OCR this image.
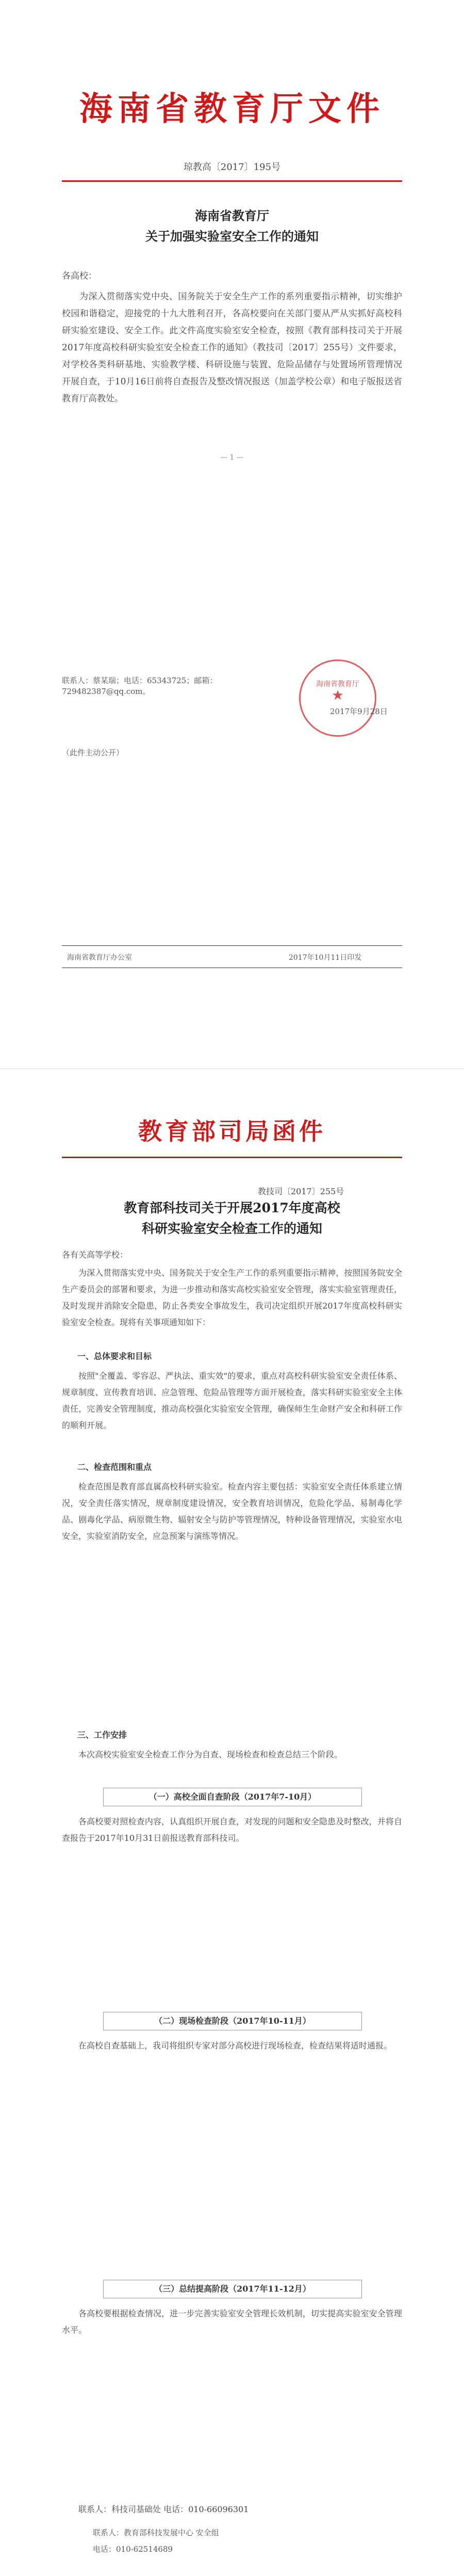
海南省教育厅文件
琼教高〔2017〕195号
海南省教育厅
关于加强实验室安全工作的通知
各高校：
为深入贯彻落实党中央、国务院关于安全生产工作的系列重要指示精神，切实维护校园和谐稳定，迎接党的十九大胜利召开，各高校要向在关部门要从严从实抓好高校科研实验室建设、安全工作。此文件高度实验室安全检查，按照《教育部科技司关于开展2017年度高校科研实验室安全检查工作的通知》（教技司〔2017〕255号）文件要求，对学校各类科研基地、实验教学楼、科研设施与装置、危险品储存与处置场所管理情况开展自查，于10月16日前将自查报告及整改情况报送（加盖学校公章）和电子版报送省教育厅高教处。
— 1 —
联系人：蔡某瑞；电话：65343725；邮箱：729482387@qq.com。
海南省教育厅
★
2017年9月28日
（此件主动公开）
海南省教育厅办公室	2017年10月11日印发
教育部司局函件
教技司〔2017〕255号
教育部科技司关于开展2017年度高校
科研实验室安全检查工作的通知
各有关高等学校：
为深入贯彻落实党中央、国务院关于安全生产工作的系列重要指示精神，按照国务院安全生产委员会的部署和要求，为进一步推动和落实高校实验室安全管理，落实实验室管理责任，及时发现并消除安全隐患，防止各类安全事故发生，我司决定组织开展2017年度高校科研实验室安全检查。现将有关事项通知如下：
一、总体要求和目标
按照"全覆盖、零容忍、严执法、重实效"的要求，重点对高校科研实验室安全责任体系、规章制度、宣传教育培训、应急管理、危险品管理等方面开展检查，落实科研实验室安全主体责任，完善安全管理制度，推动高校强化实验室安全管理，确保师生生命财产安全和科研工作的顺利开展。
二、检查范围和重点
检查范围是教育部直属高校科研实验室。检查内容主要包括：实验室安全责任体系建立情况，安全责任落实情况，规章制度建设情况，安全教育培训情况，危险化学品、易制毒化学品、剧毒化学品、病原微生物、辐射安全与防护等管理情况，特种设备管理情况，实验室水电安全，实验室消防安全，应急预案与演练等情况。
三、工作安排
本次高校实验室安全检查工作分为自查、现场检查和检查总结三个阶段。
（一）高校全面自查阶段（2017年7-10月）
各高校要对照检查内容，认真组织开展自查，对发现的问题和安全隐患及时整改，并将自查报告于2017年10月31日前报送教育部科技司。
（二）现场检查阶段（2017年10-11月）
在高校自查基础上，我司将组织专家对部分高校进行现场检查，检查结果将适时通报。
（三）总结提高阶段（2017年11-12月）
各高校要根据检查情况，进一步完善实验室安全管理长效机制，切实提高实验室安全管理水平。
联系人：科技司基础处 电话：010-66096301
联系人：教育部科技发展中心 安全组
电话：010-62514689
